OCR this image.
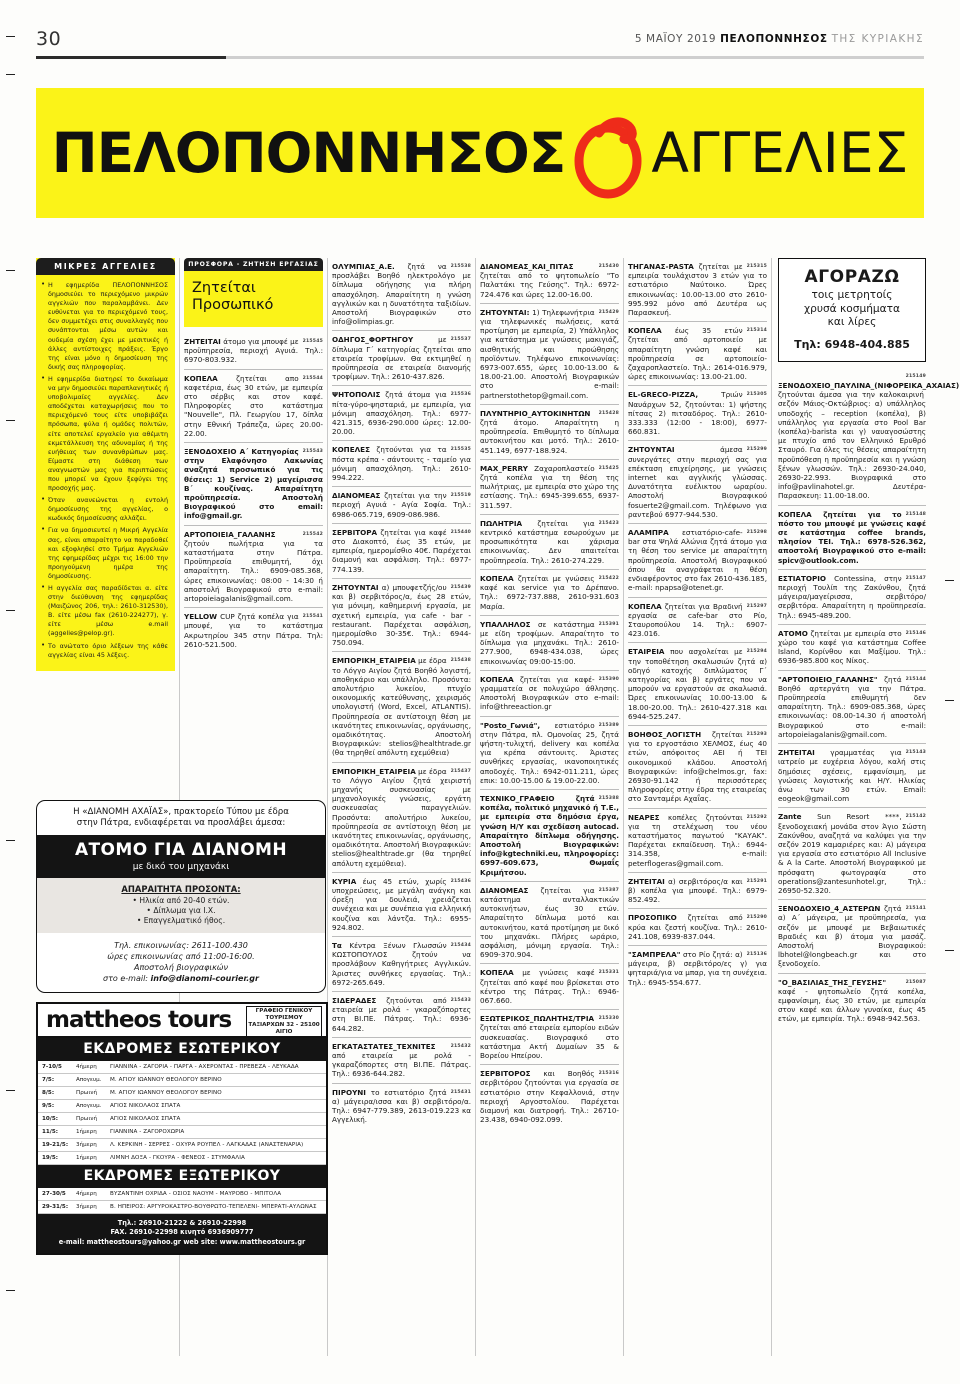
30	5 ΜΑΪΟΥ 2019 ΠΕΛΟΠΟΝΝΗΣΟΣ ΤΗΣ ΚΥΡΙΑΚΗΣ
ΠΕΛΟΠΟΝΝΗΣΟΣ ΑΓΓΕΛΙΕΣ
ΜΙΚΡΕΣ ΑΓΓΕΛΙΕΣ
• Η εφημερίδα ΠΕΛΟΠΟΝΝΗΣΟΣ δημοσιεύει το περιεχόμενο μικρών αγγελιών που παραλαμβάνει. Δεν ευθύνεται για το περιεχόμενό τους, δεν συμμετέχει στις συναλλαγές που συνάπτονται μέσω αυτών και ουδεμία σχέση έχει με μεσιτικές ή άλλες αντίστοιχες πράξεις. Έργο της είναι μόνο η δημοσίευση της δικής σας πληροφορίας.
• Η εφημερίδα διατηρεί το δικαίωμα να μην δημοσιεύει παραπλανητικές ή υποβολιμαίες αγγελίες. Δεν αποδέχεται καταχωρήσεις που το περιεχόμενό τους είτε υποβιβάζει πρόσωπα, φύλα ή ομάδες πολιτών, είτε αποτελεί εργαλείο για αθέμιτη εκμετάλλευση της αδυναμίας ή της ευήθειας των συνανθρώπων μας. Είμαστε στη διάθεση των αναγνωστών μας για περιπτώσεις που μπορεί να έχουν ξεφύγει της προσοχής μας.
• Όταν ανανεώνεται η εντολή δημοσίευσης της αγγελίας, ο κωδικός δημοσίευσης αλλάζει.
• Για να δημοσιευτεί η Μικρή Αγγελία σας, είναι απαραίτητο να παραδοθεί και εξοφληθεί στο Τμήμα Αγγελιών της εφημερίδας μέχρι τις 16:00 την προηγούμενη ημέρα της δημοσίευσης.
• Η αγγελία σας παραδίδεται α. είτε στην διεύθυνση της εφημερίδας (Μαιζώνος 206, τηλ.: 2610-312530), Β. είτε μέσω fax (2610-224277), γ. είτε μέσω e.mail (aggelies@pelop.gr).
• Το ανώτατο όριο λέξεων της κάθε αγγελίας είναι 45 λέξεις.
ΠΡΟΣΦΟΡΑ - ΖΗΤΗΣΗ ΕΡΓΑΣΙΑΣ
Ζητείται
Προσωπικό
215545
ΖΗΤΕΙΤΑΙ άτομο για μπουφέ με προϋπηρεσία, περιοχή Αγυιά. Τηλ.: 6970-803.932.
215544
ΚΟΠΕΛΑ ζητείται απο καφετέρια, έως 30 ετών, με εμπειρία στο σέρβις και στον καφέ. Πληροφορίες στο κατάστημα "Nouvelle", Πλ. Γεωργίου 17, δίπλα στην Εθνική Τράπεζα, ώρες 20.00-22.00.
215543
ΞΕΝΟΔΟΧΕΙΟ Α΄ Κατηγορίας στην Ελαφόνησο Λακωνίας αναζητά προσωπικό για τις θέσεις: 1) Service 2) μαγείρισσα Β΄ κουζίνας. Απαραίτητη προϋπηρεσία. Αποστολή Βιογραφικού στο email: info@gmail.gr.
215542
ΑΡΤΟΠΟΙΕΙΑ_ΓΑΛΑΝΗΣ ζητούν πωλήτρια για τα καταστήματα στην Πάτρα. Προϋπηρεσία επιθυμητή, όχι απαραίτητη. Τηλ.: 6909-085.368, ώρες επικοινωνίας: 08:00 - 14:30 ή αποστολή Βιογραφικού στο e-mail: artopoieiagalanis@gmail.com.
215541
YELLOW CUP ζητά κοπέλα για μπουφέ, για το κατάστημα Ακρωτηρίου 345 στην Πάτρα. Τηλ: 2610-521.500.
215538
ΟΛΥΜΠΙΑΣ_Α.Ε. ζητά να προσλάβει Βοηθό ηλεκτρολόγο με δίπλωμα οδήγησης για πλήρη απασχόληση. Απαραίτητη η γνώση αγγλικών και η δυνατότητα ταξιδίων. Αποστολή Βιογραφικών στο info@olimpias.gr.
215537
ΟΔΗΓΟΣ_ΦΟΡΤΗΓΟΥ με δίπλωμα Γ΄ κατηγορίας ζητείται απο εταιρεία τροφίμων. Θα εκτιμηθεί η προϋπηρεσία σε εταιρεία διανομής τροφίμων. Τηλ.: 2610-437.826.
215536
ΨΗΤΟΠΟΛΙΣ ζητά άτομα για πίτα-γύρο-ψησταριά, με εμπειρία, για μόνιμη απασχόληση. Τηλ.: 6977-421.315, 6936-290.000 ώρες: 12.00-20.00.
215535
ΚΟΠΕΛΕΣ ζητούνται για τα πόστα κρέπα - σάντουιτς - ταμείο για μόνιμη απασχόληση. Τηλ.: 2610-994.222.
215519
ΔΙΑΝΟΜΕΑΣ ζητείται για την περιοχή Αγυιά - Αγία Σοφία. Τηλ.: 6986-065.719, 6909-086.986.
215440
ΣΕΡΒΙΤΟΡΑ ζητείται για καφέ στο Διακοπτό, έως 35 ετών, με εμπειρία, ημερομίσθιο 40€. Παρέχεται διαμονή και ασφάλιση. Τηλ.: 6977-774.139.
215439
ΖΗΤΟΥΝΤΑΙ α) μπουφετζής/ου και β) σερβιτόρος/α, έως 28 ετών, για μόνιμη, καθημερινή εργασία, με σχετική εμπειρία, για cafe - bar - restaurant. Παρέχεται ασφάλιση, ημερομίσθιο 30-35€. Τηλ.: 6944-750.094.
215438
ΕΜΠΟΡΙΚΗ_ΕΤΑΙΡΕΙΑ με έδρα το Λόγγο Αιγίου ζητά Βοηθό λογιστή, αποθηκάριο και υπάλληλο. Προσόντα: απολυτήριο λυκείου, πτυχίο οικονομικής κατεύθυνσης, χειρισμός υπολογιστή (Word, Excel, ATLANTIS). Προϋπηρεσία σε αντίστοιχη θέση με ικανότητες επικοινωνίας, οργάνωσης, ομαδικότητας. Αποστολή Βιογραφικών: stelios@healthtrade.gr (θα τηρηθεί απόλυτη εχεμύθεια)
215437
ΕΜΠΟΡΙΚΗ_ΕΤΑΙΡΕΙΑ με έδρα το Λόγγο Αιγίου ζητά χειριστή μηχανής συσκευασίας με μηχανολογικές γνώσεις, εργάτη συσκευασίας παραγγελιών. Προσόντα: απολυτήριο λυκείου, προϋπηρεσία σε αντίστοιχη θέση με ικανότητες επικοινωνίας, οργάνωσης, ομαδικότητα. Αποστολή Βιογραφικών: stelios@healthtrade.gr (θα τηρηθεί απόλυτη εχεμύθεια).
215436
ΚΥΡΙΑ έως 45 ετών, χωρίς υποχρεώσεις, με μεγάλη ανάγκη και όρεξη για δουλειά, χρειάζεται συνέχεια και με συνέπεια για ελληνική κουζίνα και λάντζα. Τηλ.: 6955-924.802.
215434
Τα Κέντρα Ξένων Γλωσσών ΚΩΣΤΟΠΟΥΛΟΣ ζητούν να προσλάβουν Καθηγήτριες Αγγλικών. Άριστες συνθήκες εργασίας. Τηλ.: 6972-265.649.
215433
ΣΙΔΕΡΑΔΕΣ ζητούνται από εταιρεία με ρολά - γκαραζόπορτες στη ΒΙ.ΠΕ. Πάτρας. Τηλ.: 6936-644.282.
215432
ΕΓΚΑΤΑΣΤΑΤΕΣ_ΤΕΧΝΙΤΕΣ από εταιρεία με ρολά - γκαραζόπορτες στη ΒΙ.ΠΕ. Πάτρας. Τηλ.: 6936-644.282.
215431
ΠΙΡΟΥΝΙ το εστιατόριο ζητά α) μάγειρα/ισσα και β) σερβιτόρο/α. Τηλ.: 6947-779.389, 2613-019.223 κα Αγγελική.
215430
ΔΙΑΝΟΜΕΑΣ_ΚΑΙ_ΠΙΤΑΣ ζητείται από το ψητοπωλείο "Το Παλατάκι της Γεύσης". Τηλ.: 6972-724.476 και ώρες 12.00-16.00.
215429
ΖΗΤΟΥΝΤΑΙ: 1) Τηλεφωνήτρια για τηλεφωνικές πωλήσεις, κατά προτίμηση με εμπειρία, 2) Υπάλληλος για κατάστημα με γνώσεις μακιγιάζ, αισθητικής και προώθησης προϊόντων. Τηλέφωνο επικοινωνίας: 6973-007.655, ώρες 10.00-13.00 & 18.00-21.00. Αποστολή Βιογραφικών στο e-mail: partnerstothetop@gmail.com.
215428
ΠΛΥΝΤΗΡΙΟ_ΑΥΤΟΚΙΝΗΤΩΝ ζητά άτομο. Απαραίτητη η προϋπηρεσία. Επιθυμητό το δίπλωμα αυτοκινήτου και μοτό. Τηλ.: 2610-451.149, 6977-188.924.
215425
MAX_PERRY Ζαχαροπλαστείο ζητά κοπέλα για τη θέση της πωλήτριας, με εμπειρία στο χώρο της εστίασης. Τηλ.: 6945-399.655, 6937-311.597.
215423
ΠΩΛΗΤΡΙΑ ζητείται για κεντρικό κατάστημα εσωρούχων με προσωπικότητα και χάρισμα επικοινωνίας. Δεν απαιτείται προϋπηρεσία. Τηλ.: 2610-274.229.
215422
ΚΟΠΕΛΑ ζητείται με γνώσεις καφέ και service για το Δρέπανο. Τηλ.: 6972-737.888, 2610-931.603 Μαρία.
215391
ΥΠΑΛΛΗΛΟΣ σε κατάστημα με είδη τροφίμων. Απαραίτητο το δίπλωμα για μηχανάκι. Τηλ.: 2610-277.900, 6948-434.038, ώρες επικοινωνίας 09:00-15:00.
215390
ΚΟΠΕΛΑ ζητείται για καφέ-γραμματεία σε πολυχώρο άθλησης. Αποστολή Βιογραφικών στο e-mail: info@threeaction.gr
215389
"Posto_Γωνιά", εστιατόριο στην Πάτρα, πλ. Ομονοίας 25, ζητά ψήστη-τυλιχτή, delivery και κοπέλα για κρέπα σάντουιτς. Άριστες συνθήκες εργασίας, ικανοποιητικές αποδοχές. Τηλ.: 6942-011.211, ώρες επικ: 10.00-15.00 & 19.00-22.00.
215388
ΤΕΧΝΙΚΟ_ΓΡΑΦΕΙΟ ζητά κοπέλα, πολιτικό μηχανικό ή Τ.Ε., με εμπειρία στα δημόσια έργα, γνώση Η/Υ και σχεδίαση autocad. Απαραίτητο δίπλωμα οδήγησης. Αποστολή Βιογραφικών: info@kgtechniki.eu, πληροφορίες: 6997-609.673, Θωμαΐς Κριμήτσου.
215387
ΔΙΑΝΟΜΕΑΣ ζητείται για κατάστημα ανταλλακτικών αυτοκινήτων, έως 30 ετών. Απαραίτητο δίπλωμα μοτό και αυτοκινήτου, κατά προτίμηση με δικό του μηχανάκι. Πλήρες ωράριο, ασφάλιση, μόνιμη εργασία. Τηλ.: 6909-370.904.
215331
ΚΟΠΕΛΑ με γνώσεις καφέ ζητείται από καφέ που βρίσκεται στο κέντρο της Πάτρας. Τηλ.: 6946-067.660.
215330
ΕΞΩΤΕΡΙΚΟΣ_ΠΩΛΗΤΗΣ/ΤΡΙΑ ζητείται από εταιρεία εμπορίου ειδών συσκευασίας. Βιογραφικό στο κατάστημα Ακτή Δυμαίων 35 & Βορείου Ηπείρου.
215316
ΣΕΡΒΙΤΟΡΟΣ και Βοηθός σερβιτόρου ζητούνται για εργασία σε εστιατόριο στην Κεφαλλονιά, στην περιοχή Αργοστολίου. Παρέχεται διαμονή και διατροφή. Τηλ.: 26710-23.438, 6940-092.099.
215315
ΤΗΓΑΝΑΣ-PASTA ζητείται με εμπειρία τουλάχιστον 3 ετών για το εστιατόριο Ναύτοικο. Ώρες επικοινωνίας: 10.00-13.00 στο 2610-995.992 μόνο από Δευτέρα ως Παρασκευή.
215314
ΚΟΠΕΛΑ έως 35 ετών ζητείται από αρτοποιείο με απαραίτητη γνώση καφέ και προϋπηρεσία σε αρτοποιείο-ζαχαροπλαστείο. Τηλ.: 2614-016.979, ώρες επικοινωνίας: 13.00-21.00.
215305
EL-GRECO-PIZZA, Τριών Ναυάρχων 52, ζητούνται: 1) ψήστης πίτσας 2) πιτσαδόρος. Τηλ.: 2610-333.333 (12:00 - 18:00), 6977-660.831.
215299
ΖΗΤΟΥΝΤΑΙ άμεσα συνεργάτες στην περιοχή σας για επέκταση επιχείρησης, με γνώσεις internet και αγγλικής γλώσσας. Δυνατότητα ευέλικτου ωραρίου. Αποστολή Βιογραφικού fosuerte2@gmail.com. Τηλέφωνο για ραντεβού 6977-944.530.
215298
ΑΛΑΜΠΡΑ εστιατόριο-cafe-bar στα Ψηλά Αλώνια ζητά άτομο για τη θέση του service με απαραίτητη προϋπηρεσία. Αποστολή Βιογραφικού όπου θα αναγράφεται η θέση ενδιαφέροντος στο fax 2610-436.185, e-mail: npapsa@otenet.gr.
215297
ΚΟΠΕΛΑ ζητείται για Βραδινή εργασία σε cafe-bar στο Ρίο, Σταυροπούλου 14. Τηλ.: 6907-423.016.
215294
ΕΤΑΙΡΕΙΑ που ασχολείται με την τοποθέτηση σκαλωσιών ζητά α) οδηγό κατοχής διπλώματος Γ΄ κατηγορίας και β) εργάτες που να μπορούν να εργαστούν σε σκαλωσιά. Ώρες επικοινωνίας 10.00-13.00 & 18.00-20.00. Τηλ.: 2610-427.318 και 6944-525.247.
215293
ΒΟΗΘΟΣ_ΛΟΓΙΣΤΗ ζητείται για το εργοστάσιο ΧΕΛΜΟΣ, έως 40 ετών, απόφοιτος ΑΕΙ ή ΤΕΙ οικονομικού κλάδου. Αποστολή Βιογραφικών: info@chelmos.gr, fax: 26930-91.142 ή περισσότερες πληροφορίες στην έδρα της εταιρείας στο Σανταμέρι Αχαΐας.
215292
ΝΕΑΡΕΣ κοπέλες ζητούνται για τη στελέχωση του νέου καταστήματος παγωτού "ΚΑΥΑΚ". Παρέχεται εκπαίδευση. Τηλ.: 6944-314.358, e-mail: peterflogeras@gmail.com.
215291
ΖΗΤΕΙΤΑΙ α) σερβιτόρος/α και β) κοπέλα για μπουφέ. Τηλ.: 6979-852.492.
215290
ΠΡΟΣΟΠΙΚΟ ζητείται από κρύα και ζεστή κουζίνα. Τηλ.: 2610-241.108, 6939-837.044.
215136
"ΣΑΜΠΡΕΛΑ" στο Ρίο ζητά: α) μάγειρα, β) σερβιτόρο/ες γ) για ψηταριά/για να μπαρ, για τη συνέχεια. Τηλ.: 6945-554.677.
ΑΓΟΡΑΖΩ
τοις μετρητοίς
χρυσά κοσμήματα
και λίρες
Τηλ: 6948-404.885
215149
ΞΕΝΟΔΟΧΕΙΟ_ΠΑΥΛΙΝΑ_(ΝΙΦΟΡΕΙΚΑ_ΑΧΑΙΑΣ) ζητούνται άμεσα για την καλοκαιρινή σεζόν Μάιος-Οκτώβριος: α) υπάλληλος υποδοχής – reception (κοπέλα), β) υπάλληλος για εργασία στο Pool Bar (κοπέλα)-barista και γ) ναυαγοσώστης με πτυχίο από τον Ελληνικό Ερυθρό Σταυρό. Για όλες τις θέσεις απαραίτητη προϋπόθεση η προϋπηρεσία και η γνώση ξένων γλωσσών. Τηλ.: 26930-24.040, 26930-22.993. Βιογραφικά στο info@pavlinahotel.gr. Δευτέρα- Παρασκευη: 11.00-18.00.
215148
ΚΟΠΕΛΑ ζητείται για το πόστο του μπουφέ με γνώσεις καφέ σε κατάστημα coffee brands, πλησίον ΤΕΙ. Τηλ.: 6978-526.362, αποστολή Βιογραφικού στο e-mail: spicv@outlook.com.
215147
ΕΣΤΙΑΤΟΡΙΟ Contessina, στην περιοχή Τουλίπ της Ζακύνθου, ζητά μάγειρα/μαγείρισσα, σερβιτόρο/σερβιτόρα. Απαραίτητη η προϋπηρεσία. Τηλ.: 6945-489.200.
215146
ΑΤΟΜΟ ζητείται με εμπειρία στο χώρο του καφέ για κατάστημα Coffee Island, Κορίνθου και Μαξίμου. Τηλ.: 6936-985.800 κος Νίκος.
215144
"ΑΡΤΟΠΟΙΕΙΟ_ΓΑΛΑΝΗΣ" ζητά Βοηθό αρτεργάτη για την Πάτρα. Προϋπηρεσία επιθυμητή δεν απαραίτητη. Τηλ.: 6909-085.368, ώρες επικοινωνίας: 08.00-14.30 ή αποστολή Βιογραφικού στο e-mail: artopoieiagalanis@gmail.com.
215143
ΖΗΤΕΙΤΑΙ γραμματέας για ιατρείο με ευχέρεια λόγου, καλή στις δημόσιες σχέσεις, εμφανίσιμη, με γνώσεις λογιστικής και Η/Υ. Ηλικίας άνω των 30 ετών. Email: eogeok@gmail.com
215142
Zante Sun Resort ****, ξενοδοχειακή μονάδα στον Άγιο Σώστη Ζακύνθου, αναζητά να καλύψει για την σεζόν 2019 καμαριέρες και: Α) μάγειρα για εργασία στο εστιατόριο All Inclusive & A la Carte. Αποστολή Βιογραφικού με πρόσφατη φωτογραφία στο operations@zantesunhotel.gr, Τηλ.: 26950-52.320.
215141
ΞΕΝΟΔΟΧΕΙΟ_4_ΑΣΤΕΡΩΝ ζητά α) Α΄ μάγειρα, με προϋπηρεσία, για σεζόν με μπουφέ με Βεβαιωτικές Βραδιές και β) άτομα για μασάζ. Αποστολή Βιογραφικού: lbhotel@longbeach.gr και στο ξενοδοχείο.
215087
"Ο_ΒΑΣΙΛΙΑΣ_ΤΗΣ_ΓΕΥΣΗΣ" καφέ - ψητοπωλείο ζητά κοπέλα, εμφανίσιμη, έως 30 ετών, με εμπειρία στον καφέ και άλλων γυναίκα, έως 45 ετών, με εμπειρία. Τηλ.: 6948-942.563.
Η «ΔΙΑΝΟΜΗ ΑΧΑΪΑΣ», πρακτορείο Τύπου με έδρα
στην Πάτρα, ενδιαφέρεται να προσλάβει άμεσα:
ΑΤΟΜΟ ΓΙΑ ΔΙΑΝΟΜΗ
με δικό του μηχανάκι
ΑΠΑΡΑΙΤΗΤΑ ΠΡΟΣΟΝΤΑ:
• Ηλικία από 20-40 ετών.
• Δίπλωμα για Ι.Χ.
• Επαγγελματικό ήθος.
Τηλ. επικοινωνίας: 2611-100.430
ώρες επικοινωνίας από 11:00-16:00.
Αποστολή βιογραφικών
στο e-mail: info@dianomi-courier.gr
mattheos tours	ΓΡΑΦΕΙΟ ΓΕΝΙΚΟΥ ΤΟΥΡΙΣΜΟΥ ΤΑΞΙΑΡΧΩΝ 32 - 25100 ΑΙΓΙΟ
ΕΚΔΡΟΜΕΣ ΕΣΩΤΕΡΙΚΟΥ
7-10/5	4ήμερη	ΓΙΑΝΝΙΝΑ - ΖΑΓΟΡΙΑ - ΠΑΡΓΑ - ΑΧΕΡΟΝΤΑΣ - ΠΡΕΒΕΖΑ - ΛΕΥΚΑΔΑ
7/5:	Απογευμ.	Μ. ΑΓΙΟΥ ΙΩΑΝΝΟΥ ΘΕΟΛΟΓΟΥ ΒΕΡΙΝΟ
8/5:	Πρωινή	Μ. ΑΓΙΟΥ ΙΩΑΝΝΟΥ ΘΕΟΛΟΓΟΥ ΒΕΡΙΝΟ
9/5:	Απογευμ.	ΑΓΙΟΣ ΝΙΚΟΛΑΟΣ ΣΠΑΤΑ
10/5:	Πρωινή	ΑΓΙΟΣ ΝΙΚΟΛΑΟΣ ΣΠΑΤΑ
11/5:	1ήμερη	ΓΙΑΝΝΙΝΑ - ΖΑΓΟΡΟΧΩΡΙΑ
19-21/5:	3ήμερη	Λ. ΚΕΡΚΙΝΗ - ΣΕΡΡΕΣ - ΟΧΥΡΑ ΡΟΥΠΕΛ - ΛΑΓΚΑΔΑΣ (ΑΝΑΣΤΕΝΑΡΙΑ)
19/5:	1ήμερη	ΛΙΜΝΗ ΔΟΞΑ - ΓΚΟΥΡΑ - ΦΕΝΕΟΣ - ΣΤΥΜΦΑΛΙΑ
ΕΚΔΡΟΜΕΣ ΕΞΩΤΕΡΙΚΟΥ
27-30/5	4ήμερη	ΒΥΖΑΝΤΙΝΗ ΟΧΡΙΔΑ - ΟΣΙΟΣ ΝΑΟΥΜ - ΜΑΥΡΟΒΟ - ΜΠΙΤΟΛΑ
29-31/5:	3ήμερη	Β. ΗΠΕΙΡΟΣ: ΑΡΓΥΡΟΚΑΣΤΡΟ-ΒΟΥΘΡΩΤΟ-ΤΕΠΕΛΕΝΙ- ΜΠΕΡΑΤΙ-ΑΥΛΩΝΑΣ
Τηλ.: 26910-21222 & 26910-22998
FAX. 26910-22998 κινητό 6936909777
e-mail: mattheostours@yahoo.gr web site: www.mattheostours.gr
